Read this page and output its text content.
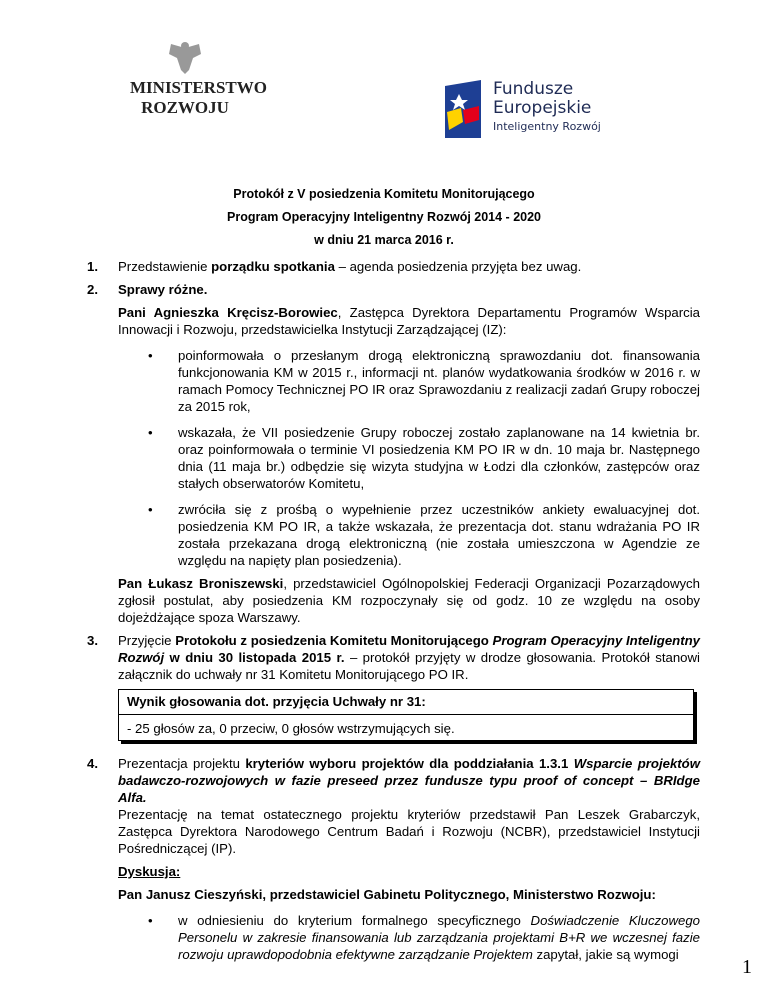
MINISTERSTWO ROZWOJU
Fundusze
Europejskie
Inteligentny Rozwój
Protokół z V posiedzenia Komitetu Monitorującego
Program Operacyjny Inteligentny Rozwój 2014 - 2020
w dniu 21 marca 2016 r.
1. Przedstawienie porządku spotkania – agenda posiedzenia przyjęta bez uwag.
2. Sprawy różne.
Pani Agnieszka Kręcisz-Borowiec, Zastępca Dyrektora Departamentu Programów Wsparcia Innowacji i Rozwoju, przedstawicielka Instytucji Zarządzającej (IZ):
• poinformowała o przesłanym drogą elektroniczną sprawozdaniu dot. finansowania funkcjonowania KM w 2015 r., informacji nt. planów wydatkowania środków w 2016 r. w ramach Pomocy Technicznej PO IR oraz Sprawozdaniu z realizacji zadań Grupy roboczej za 2015 rok,
• wskazała, że VII posiedzenie Grupy roboczej zostało zaplanowane na 14 kwietnia br. oraz poinformowała o terminie VI posiedzenia KM PO IR w dn. 10 maja br. Następnego dnia (11 maja br.) odbędzie się wizyta studyjna w Łodzi dla członków, zastępców oraz stałych obserwatorów Komitetu,
• zwróciła się z prośbą o wypełnienie przez uczestników ankiety ewaluacyjnej dot. posiedzenia KM PO IR, a także wskazała, że prezentacja dot. stanu wdrażania PO IR została przekazana drogą elektroniczną (nie została umieszczona w Agendzie ze względu na napięty plan posiedzenia).
Pan Łukasz Broniszewski, przedstawiciel Ogólnopolskiej Federacji Organizacji Pozarządowych zgłosił postulat, aby posiedzenia KM rozpoczynały się od godz. 10 ze względu na osoby dojeżdżające spoza Warszawy.
3. Przyjęcie Protokołu z posiedzenia Komitetu Monitorującego Program Operacyjny Inteligentny Rozwój w dniu 30 listopada 2015 r. – protokół przyjęty w drodze głosowania. Protokół stanowi załącznik do uchwały nr 31 Komitetu Monitorującego PO IR.
Wynik głosowania dot. przyjęcia Uchwały nr 31:
- 25 głosów za, 0 przeciw, 0 głosów wstrzymujących się.
4. Prezentacja projektu kryteriów wyboru projektów dla poddziałania 1.3.1 Wsparcie projektów badawczo-rozwojowych w fazie preseed przez fundusze typu proof of concept – BRIdge Alfa.
Prezentację na temat ostatecznego projektu kryteriów przedstawił Pan Leszek Grabarczyk, Zastępca Dyrektora Narodowego Centrum Badań i Rozwoju (NCBR), przedstawiciel Instytucji Pośredniczącej (IP).
Dyskusja:
Pan Janusz Cieszyński, przedstawiciel Gabinetu Politycznego, Ministerstwo Rozwoju:
• w odniesieniu do kryterium formalnego specyficznego Doświadczenie Kluczowego Personelu w zakresie finansowania lub zarządzania projektami B+R we wczesnej fazie rozwoju uprawdopodobnia efektywne zarządzanie Projektem zapytał, jakie są wymogi
1
